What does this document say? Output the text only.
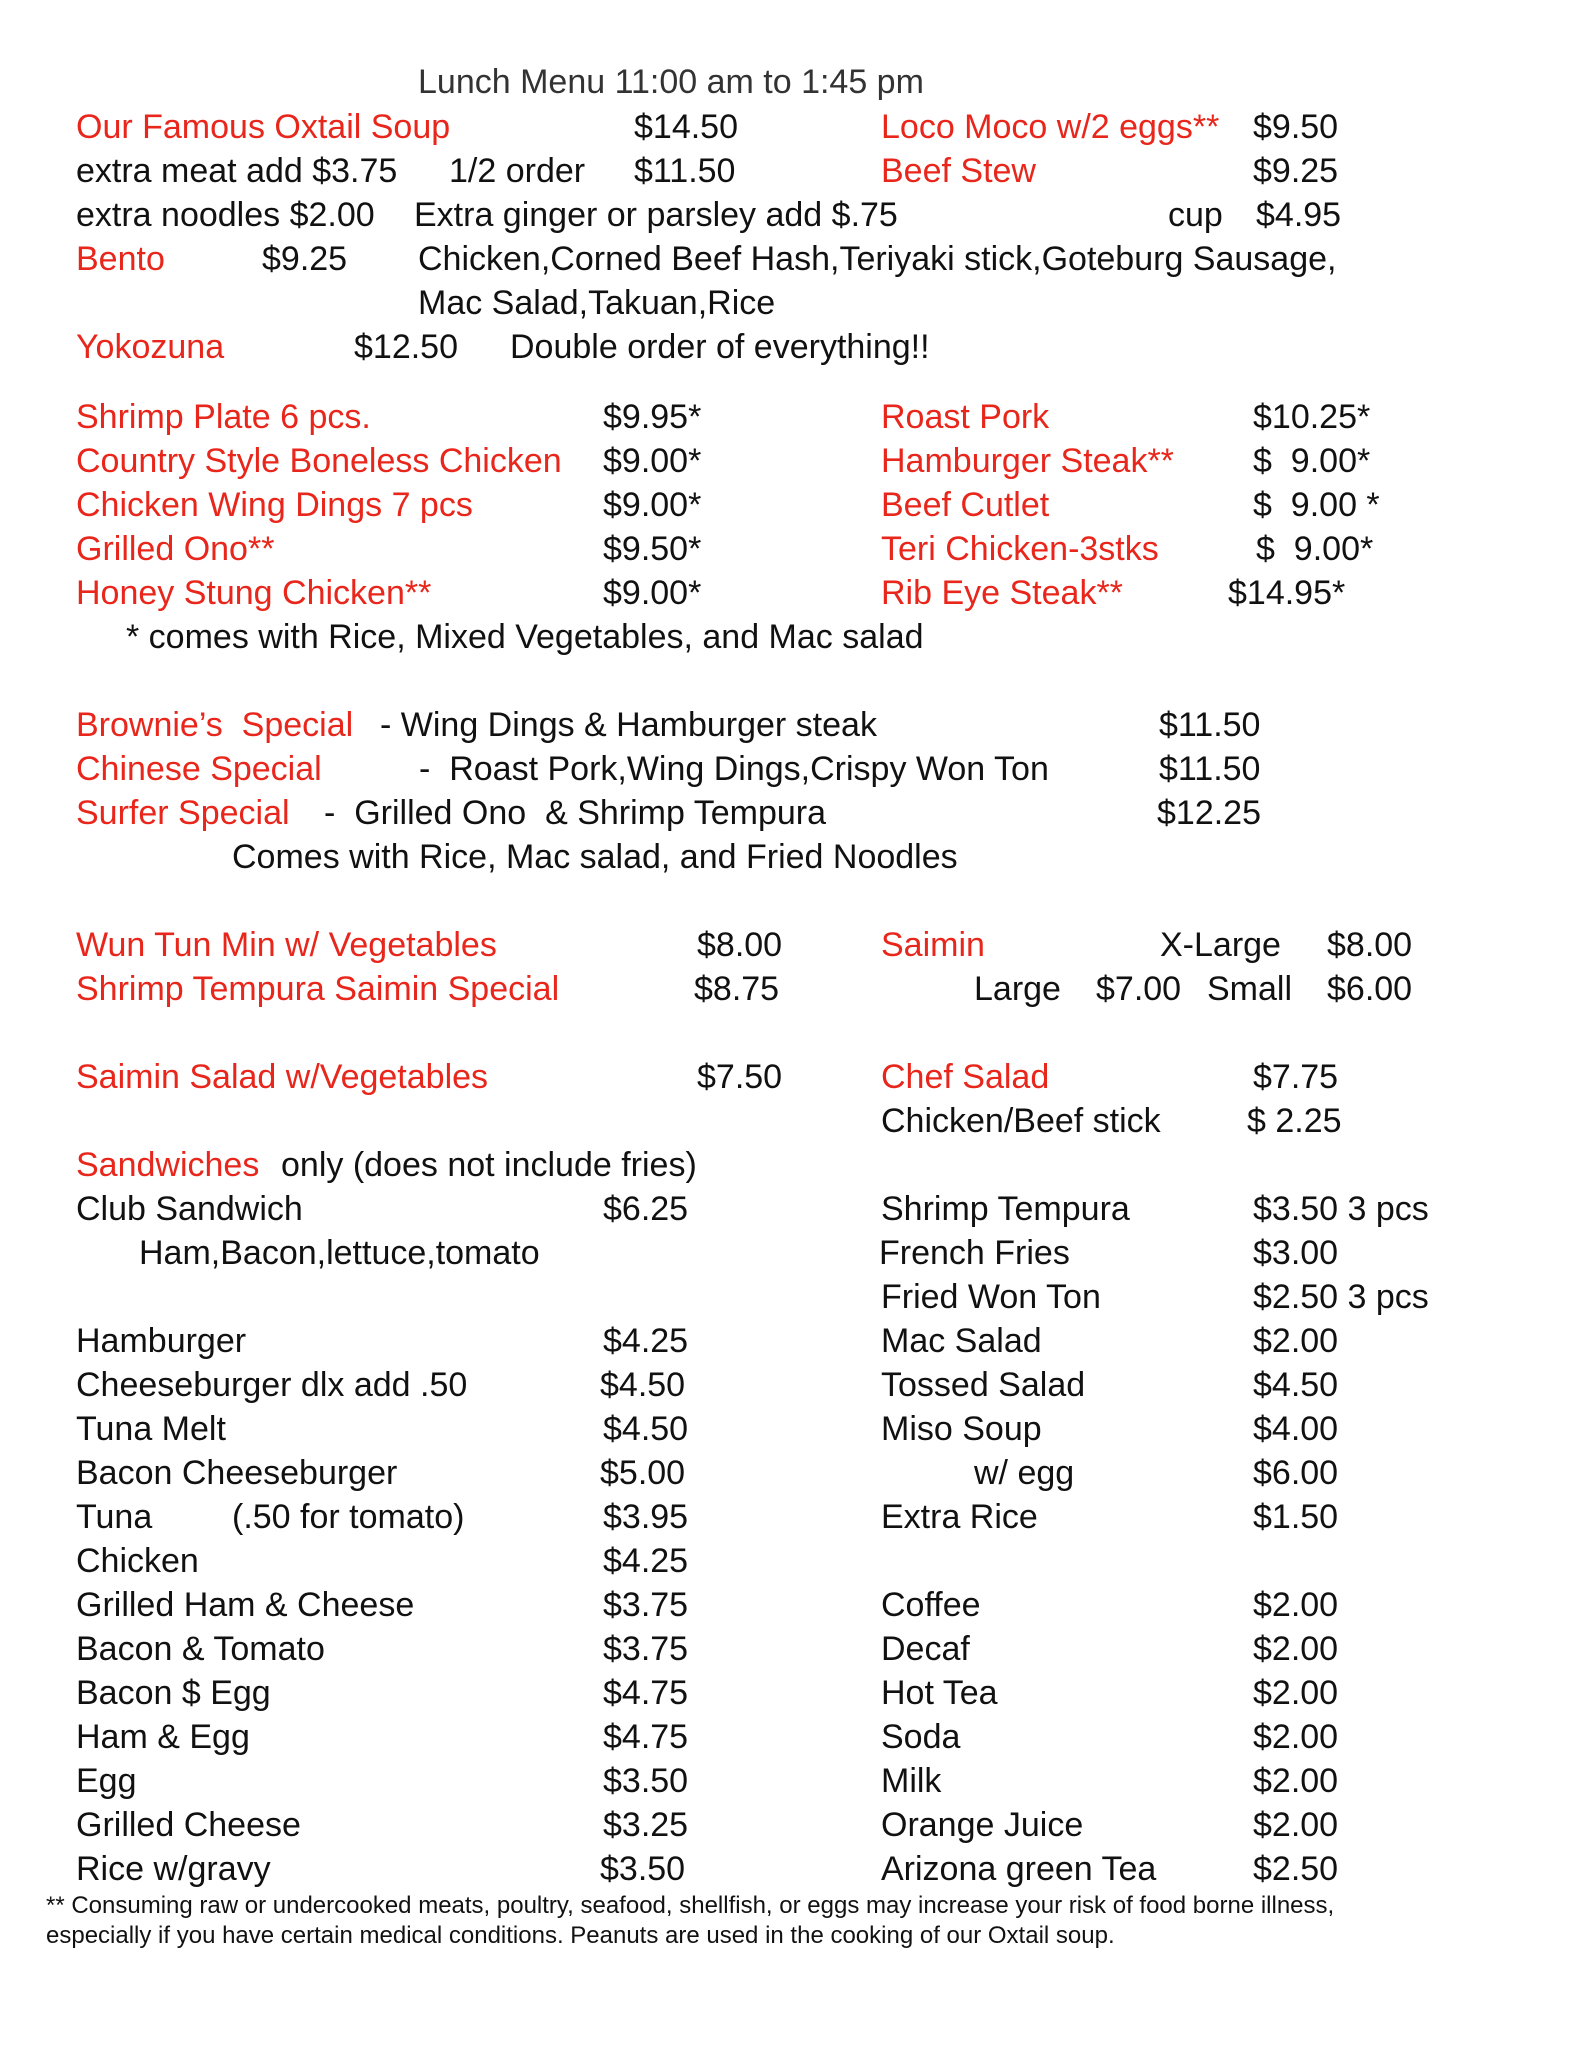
Lunch Menu 11:00 am to 1:45 pm
Our Famous Oxtail Soup	$14.50	Loco Moco w/2 eggs** $9.50
extra meat add $3.75 1/2 order $11.50	Beef Stew	$9.25
extra noodles $2.00 Extra ginger or parsley add $.75	cup $4.95
Bento	$9.25 Chicken,Corned Beef Hash,Teriyaki stick,Goteburg Sausage,
Mac Salad,Takuan,Rice
Yokozuna	$12.50 Double order of everything!!
Shrimp Plate 6 pcs.	$9.95*
Country Style Boneless Chicken $9.00*
Chicken Wing Dings 7 pcs	$9.00*
Grilled Ono**	$9.50*
Honey Stung Chicken**	$9.00*
Roast Pork	$10.25*
Hamburger Steak** $  9.00*
Beef Cutlet	$  9.00 *
Teri Chicken-3stks	$  9.00*
Rib Eye Steak**	$14.95*
* comes with Rice, Mixed Vegetables, and Mac salad
Brownie’s  Special - Wing Dings & Hamburger steak	$11.50
Chinese Special	-  Roast Pork,Wing Dings,Crispy Won Ton	$11.50
Surfer Special -  Grilled Ono  & Shrimp Tempura	$12.25
Comes with Rice, Mac salad, and Fried Noodles
Wun Tun Min w/ Vegetables	$8.00	Saimin	X-Large $8.00
Shrimp Tempura Saimin Special	$8.75	Large $7.00 Small $6.00
Saimin Salad w/Vegetables	$7.50	Chef Salad	$7.75
Chicken/Beef stick	$ 2.25
Sandwiches only (does not include fries)
Club Sandwich	$6.25
Ham,Bacon,lettuce,tomato
Hamburger	$4.25
Cheeseburger dlx add .50	$4.50
Tuna Melt	$4.50
Bacon Cheeseburger	$5.00
Tuna (.50 for tomato)	$3.95
Chicken	$4.25
Grilled Ham & Cheese	$3.75
Bacon & Tomato	$3.75
Bacon $ Egg	$4.75
Ham & Egg	$4.75
Egg	$3.50
Grilled Cheese	$3.25
Rice w/gravy	$3.50
Shrimp Tempura	$3.50 3 pcs
French Fries	$3.00
Fried Won Ton	$2.50 3 pcs
Mac Salad	$2.00
Tossed Salad	$4.50
Miso Soup	$4.00
w/ egg	$6.00
Extra Rice	$1.50
Coffee	$2.00
Decaf	$2.00
Hot Tea	$2.00
Soda	$2.00
Milk	$2.00
Orange Juice	$2.00
Arizona green Tea	$2.50
** Consuming raw or undercooked meats, poultry, seafood, shellfish, or eggs may increase your risk of food borne illness,
especially if you have certain medical conditions. Peanuts are used in the cooking of our Oxtail soup.
